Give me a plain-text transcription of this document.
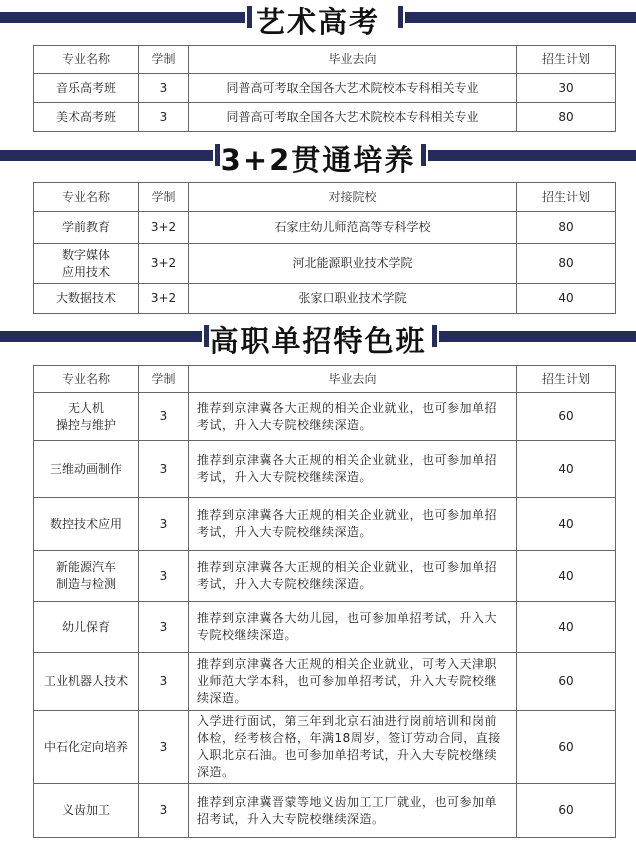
艺术高考
专业名称	学制	毕业去向	招生计划
音乐高考班	3	同普高可考取全国各大艺术院校本专科相关专业	30
美术高考班	3	同普高可考取全国各大艺术院校本专科相关专业	80
3+2贯通培养
专业名称	学制	对接院校	招生计划
学前教育	3+2	石家庄幼儿师范高等专科学校	80
数字媒体
应用技术	3+2	河北能源职业技术学院	80
大数据技术	3+2	张家口职业技术学院	40
高职单招特色班
专业名称	学制	毕业去向	招生计划
无人机
操控与维护	3	推荐到京津冀各大正规的相关企业就业，也可参加单招考试，升入大专院校继续深造。	60
三维动画制作	3	推荐到京津冀各大正规的相关企业就业，也可参加单招考试，升入大专院校继续深造。	40
数控技术应用	3	推荐到京津冀各大正规的相关企业就业，也可参加单招考试，升入大专院校继续深造。	40
新能源汽车
制造与检测	3	推荐到京津冀各大正规的相关企业就业，也可参加单招考试，升入大专院校继续深造。	40
幼儿保育	3	推荐到京津冀各大幼儿园，也可参加单招考试，升入大专院校继续深造。	40
工业机器人技术	3	推荐到京津冀各大正规的相关企业就业，可考入天津职业师范大学本科，也可参加单招考试，升入大专院校继续深造。	60
中石化定向培养	3	入学进行面试，第三年到北京石油进行岗前培训和岗前体检，经考核合格，年满18周岁，签订劳动合同，直接入职北京石油。也可参加单招考试，升入大专院校继续深造。	60
义齿加工	3	推荐到京津冀晋蒙等地义齿加工工厂就业，也可参加单招考试，升入大专院校继续深造。	60
